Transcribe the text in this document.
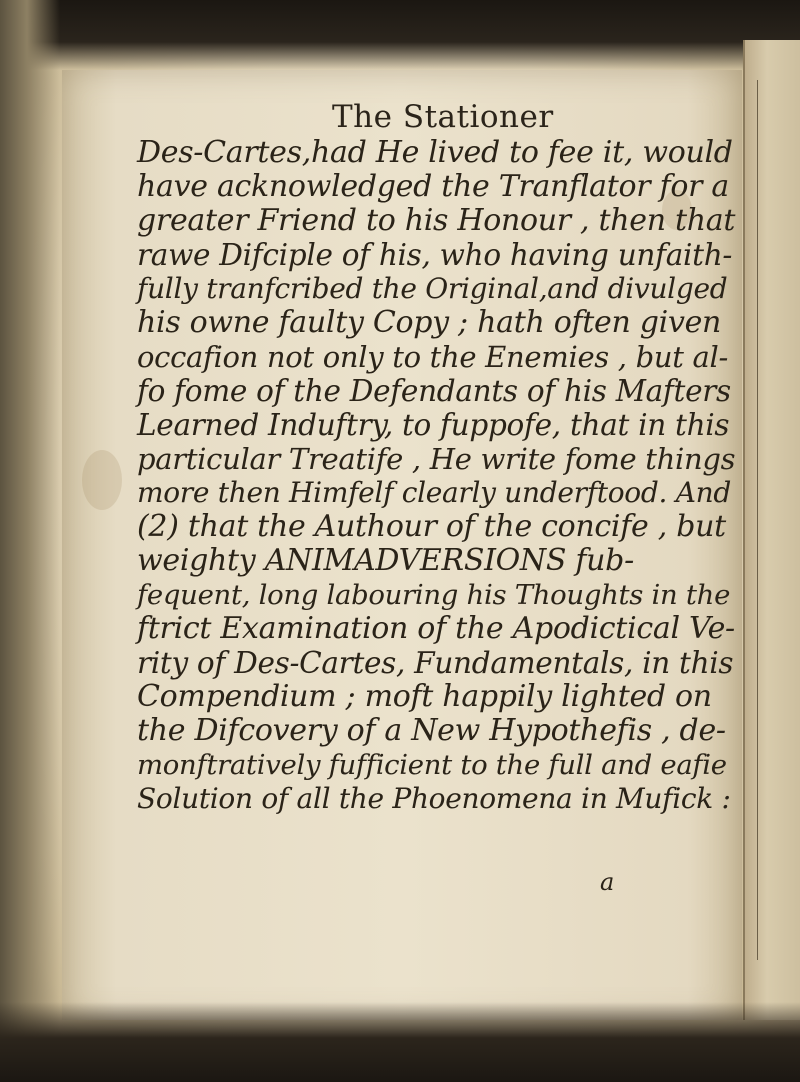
The Stationer

Des-Cartes,had He lived to fee it, would

have acknowledged the Tranflator for a

greater Friend to his Honour , then that

rawe Difciple of his, who having unfaith-

fully tranfcribed the Original,and divulged

his owne faulty Copy ; hath often given

occafion not only to the Enemies , but al-

fo fome of the Defendants of his Mafters

Learned Induftry, to fuppofe, that in this

particular Treatife , He write fome things

more then Himfelf clearly underftood. And

(2) that the Authour of the concife , but

weighty ANIMADVERSIONS fub-

fequent, long labouring his Thoughts in the

ftrict Examination of the Apodictical Ve-

rity of Des-Cartes, Fundamentals, in this

Compendium ; moft happily lighted on

the Difcovery of a New Hypothefis , de-

monftratively fufficient to the full and eafie

Solution of all the Phoenomena in Mufick :

a
